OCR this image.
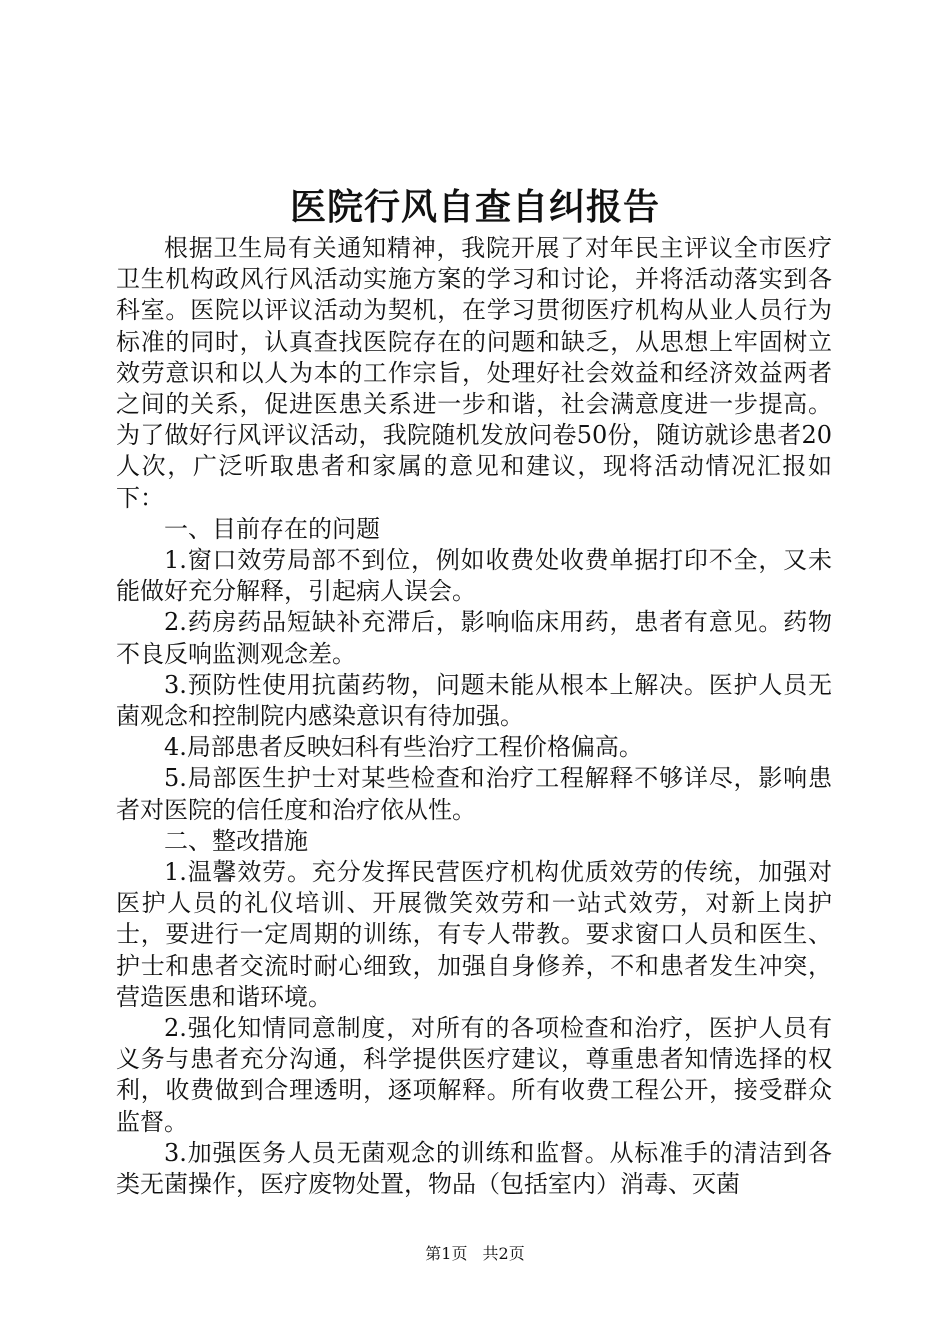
医院行风自查自纠报告

根据卫生局有关通知精神，我院开展了对年民主评议全市医疗卫生机构政风行风活动实施方案的学习和讨论，并将活动落实到各科室。医院以评议活动为契机，在学习贯彻医疗机构从业人员行为标准的同时，认真查找医院存在的问题和缺乏，从思想上牢固树立效劳意识和以人为本的工作宗旨，处理好社会效益和经济效益两者之间的关系，促进医患关系进一步和谐，社会满意度进一步提高。为了做好行风评议活动，我院随机发放问卷50份，随访就诊患者20人次，广泛听取患者和家属的意见和建议，现将活动情况汇报如下：

一、目前存在的问题

1.窗口效劳局部不到位，例如收费处收费单据打印不全，又未能做好充分解释，引起病人误会。

2.药房药品短缺补充滞后，影响临床用药，患者有意见。药物不良反响监测观念差。

3.预防性使用抗菌药物，问题未能从根本上解决。医护人员无菌观念和控制院内感染意识有待加强。

4.局部患者反映妇科有些治疗工程价格偏高。

5.局部医生护士对某些检查和治疗工程解释不够详尽，影响患者对医院的信任度和治疗依从性。

二、整改措施

1.温馨效劳。充分发挥民营医疗机构优质效劳的传统，加强对医护人员的礼仪培训、开展微笑效劳和一站式效劳，对新上岗护士，要进行一定周期的训练，有专人带教。要求窗口人员和医生、护士和患者交流时耐心细致，加强自身修养，不和患者发生冲突，营造医患和谐环境。

2.强化知情同意制度，对所有的各项检查和治疗，医护人员有义务与患者充分沟通，科学提供医疗建议，尊重患者知情选择的权利，收费做到合理透明，逐项解释。所有收费工程公开，接受群众监督。

3.加强医务人员无菌观念的训练和监督。从标准手的清洁到各类无菌操作，医疗废物处置，物品（包括室内）消毒、灭菌

第1页 共2页
